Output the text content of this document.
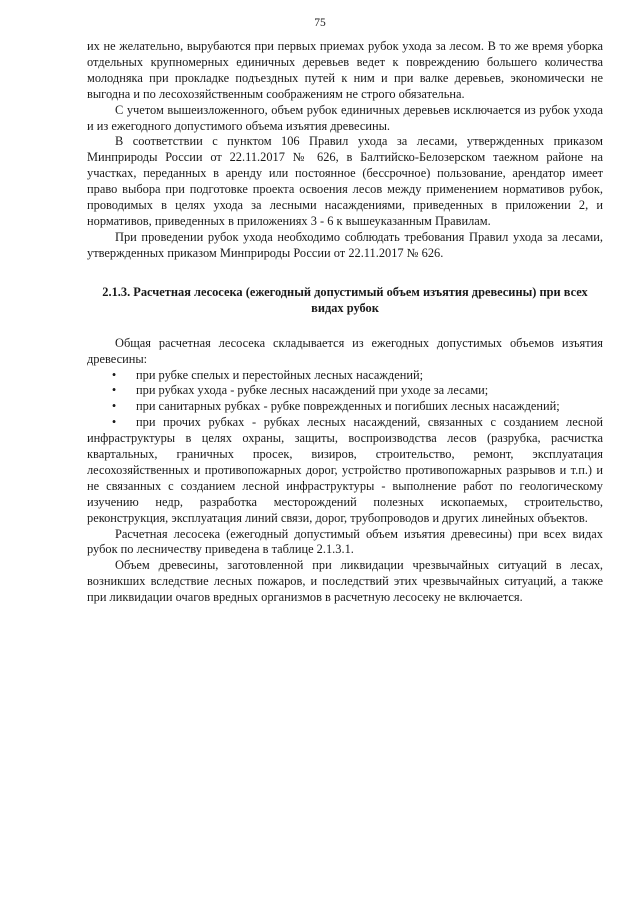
75

их не желательно, вырубаются при первых приемах рубок ухода за лесом. В то же время уборка отдельных крупномерных единичных деревьев ведет к повреждению большего количества молодняка при прокладке подъездных путей к ним и при валке деревьев, экономически не выгодна и по лесохозяйственным соображениям не строго обязательна.

С учетом вышеизложенного, объем рубок единичных деревьев исключается из рубок ухода и из ежегодного допустимого объема изъятия древесины.

В соответствии с пунктом 106 Правил ухода за лесами, утвержденных приказом Минприроды России от 22.11.2017 № 626, в Балтийско-Белозерском таежном районе на участках, переданных в аренду или постоянное (бессрочное) пользование, арендатор имеет право выбора при подготовке проекта освоения лесов между применением нормативов рубок, проводимых в целях ухода за лесными насаждениями, приведенных в приложении 2, и нормативов, приведенных в приложениях 3 - 6 к вышеуказанным Правилам.

При проведении рубок ухода необходимо соблюдать требования Правил ухода за лесами, утвержденных приказом Минприроды России от 22.11.2017 № 626.

2.1.3. Расчетная лесосека (ежегодный допустимый объем изъятия древесины) при всех видах рубок

Общая расчетная лесосека складывается из ежегодных допустимых объемов изъятия древесины:

• при рубке спелых и перестойных лесных насаждений;
• при рубках ухода - рубке лесных насаждений при уходе за лесами;
• при санитарных рубках - рубке поврежденных и погибших лесных насаждений;
• при прочих рубках - рубках лесных насаждений, связанных с созданием лесной инфраструктуры в целях охраны, защиты, воспроизводства лесов (разрубка, расчистка квартальных, граничных просек, визиров, строительство, ремонт, эксплуатация лесохозяйственных и противопожарных дорог, устройство противопожарных разрывов и т.п.) и не связанных с созданием лесной инфраструктуры - выполнение работ по геологическому изучению недр, разработка месторождений полезных ископаемых, строительство, реконструкция, эксплуатация линий связи, дорог, трубопроводов и других линейных объектов.

Расчетная лесосека (ежегодный допустимый объем изъятия древесины) при всех видах рубок по лесничеству приведена в таблице 2.1.3.1.

Объем древесины, заготовленной при ликвидации чрезвычайных ситуаций в лесах, возникших вследствие лесных пожаров, и последствий этих чрезвычайных ситуаций, а также при ликвидации очагов вредных организмов в расчетную лесосеку не включается.
